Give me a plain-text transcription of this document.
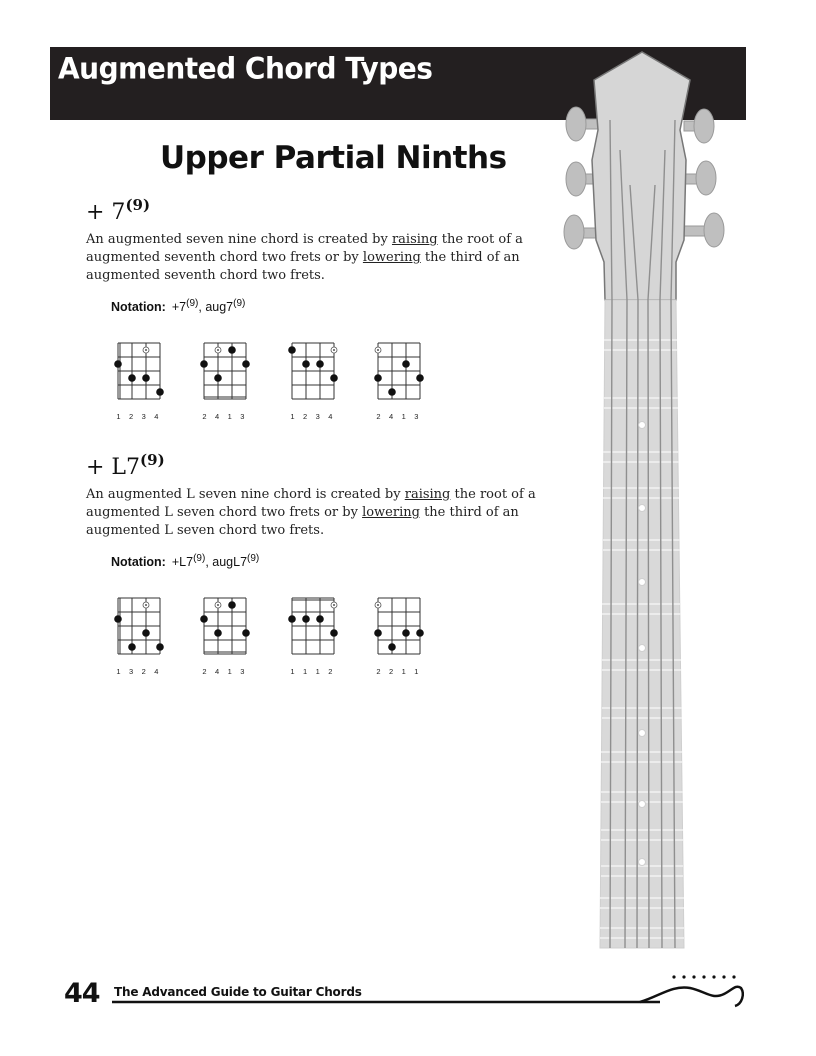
Augmented Chord Types
Upper Partial Ninths
+ $7^{(9)}$
An augmented seven nine chord is created by raising the root of a augmented seventh chord two frets or by lowering the third of an augmented seventh chord two frets.
Notation: $+7^{(9)}$, aug7$^{(9)}$
1 2 3 4	2 4 1 3	1 2 3 4	2 4 1 3
+ $L7^{(9)}$
An augmented L seven nine chord is created by raising the root of a augmented L seven chord two frets or by lowering the third of an augmented L seven chord two frets.
Notation: $+L7^{(9)}$, augL7$^{(9)}$
1 3 2 4	2 4 1 3	1 1 1 2	2 2 1 1
44 The Advanced Guide to Guitar Chords
